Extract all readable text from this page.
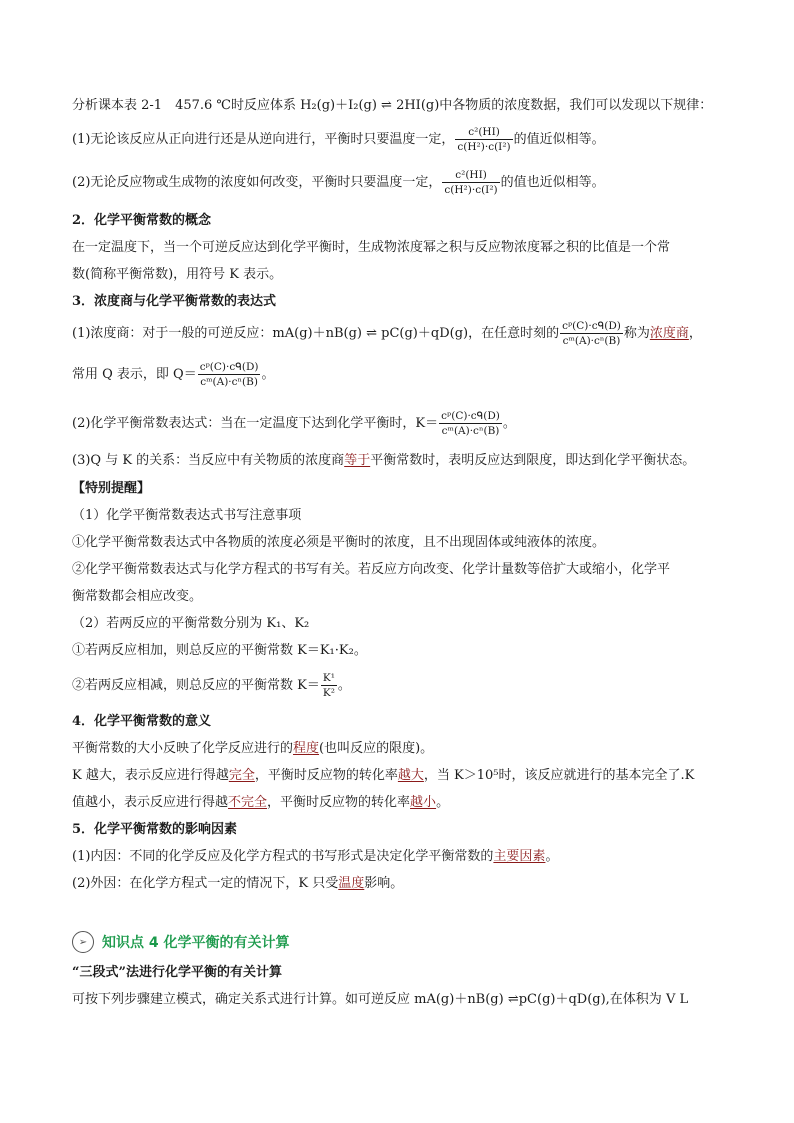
分析课本表 2-1　457.6 ℃时反应体系 H₂(g)＋I₂(g) ⇌ 2HI(g)中各物质的浓度数据，我们可以发现以下规律：
(1)无论该反应从正向进行还是从逆向进行，平衡时只要温度一定， $\frac{\text{c²(HI)}}{\text{c(H²)·c(I²)}}$ 的值近似相等。
(2)无论反应物或生成物的浓度如何改变，平衡时只要温度一定， $\frac{\text{c²(HI)}}{\text{c(H²)·c(I²)}}$ 的值也近似相等。
2．化学平衡常数的概念
在一定温度下，当一个可逆反应达到化学平衡时，生成物浓度幂之积与反应物浓度幂之积的比值是一个常
数(简称平衡常数)，用符号 K 表示。
3．浓度商与化学平衡常数的表达式
(1)浓度商：对于一般的可逆反应：mA(g)＋nB(g) ⇌ pC(g)＋qD(g)，在任意时刻的 $\frac{\text{cᵖ(C)·cᑫ(D)}}{\text{cᵐ(A)·cⁿ(B)}}$ 称为浓度商，
常用 Q 表示，即 $Q= \frac{\text{cᵖ(C)·cᑫ(D)}}{\text{cᵐ(A)·cⁿ(B)}}$ 。
(2)化学平衡常数表达式：当在一定温度下达到化学平衡时，$K= \frac{\text{cᵖ(C)·cᑫ(D)}}{\text{cᵐ(A)·cⁿ(B)}}$ 。
(3)Q 与 K 的关系：当反应中有关物质的浓度商等于平衡常数时，表明反应达到限度，即达到化学平衡状态。
【特别提醒】
（1）化学平衡常数表达式书写注意事项
①化学平衡常数表达式中各物质的浓度必须是平衡时的浓度，且不出现固体或纯液体的浓度。
②化学平衡常数表达式与化学方程式的书写有关。若反应方向改变、化学计量数等倍扩大或缩小，化学平
衡常数都会相应改变。
（2）若两反应的平衡常数分别为 K₁、K₂
①若两反应相加，则总反应的平衡常数 K＝K₁·K₂。
②若两反应相减，则总反应的平衡常数 $K= \frac{\text{K¹}}{\text{K²}}$ 。
4．化学平衡常数的意义
平衡常数的大小反映了化学反应进行的程度(也叫反应的限度)。
K 越大，表示反应进行得越完全，平衡时反应物的转化率越大，当 K＞10⁵时，该反应就进行的基本完全了.K
值越小，表示反应进行得越不完全，平衡时反应物的转化率越小。
5．化学平衡常数的影响因素
(1)内因：不同的化学反应及化学方程式的书写形式是决定化学平衡常数的主要因素。
(2)外因：在化学方程式一定的情况下，K 只受温度影响。
➢	知识点 4 化学平衡的有关计算
“三段式”法进行化学平衡的有关计算
可按下列步骤建立模式，确定关系式进行计算。如可逆反应 mA(g)＋nB(g) ⇌pC(g)＋qD(g),在体积为 V L
